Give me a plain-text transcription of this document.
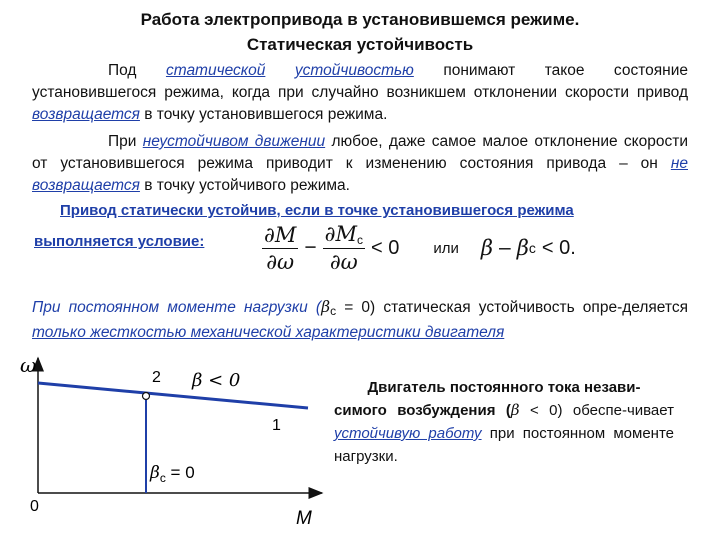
Работа электропривода в установившемся режиме.
Статическая устойчивость
Под статической устойчивостью понимают такое состояние установившегося режима, когда при случайно возникшем отклонении скорости привод возвращается в точку установившегося режима.
При неустойчивом движении любое, даже самое малое отклонение скорости от установившегося режима приводит к изменению состояния привода – он не возвращается в точку устойчивого режима.
Привод статически устойчив, если в точке установившегося режима
выполняется условие:	$\frac{\partial M}{\partial\omega} - \frac{\partial M_c}{\partial\omega} < 0$ или β – β c < 0.
При постоянном моменте нагрузки $(\beta_c = 0)$ статическая устойчивость опре-деляется только жесткостью механической характеристики двигателя
ω
M
0
2
1
β < 0
$\beta_c = 0$
Двигатель постоянного тока незави-
симого возбуждения (β < 0) обеспе-чивает устойчивую работу при постоянном моменте нагрузки.
